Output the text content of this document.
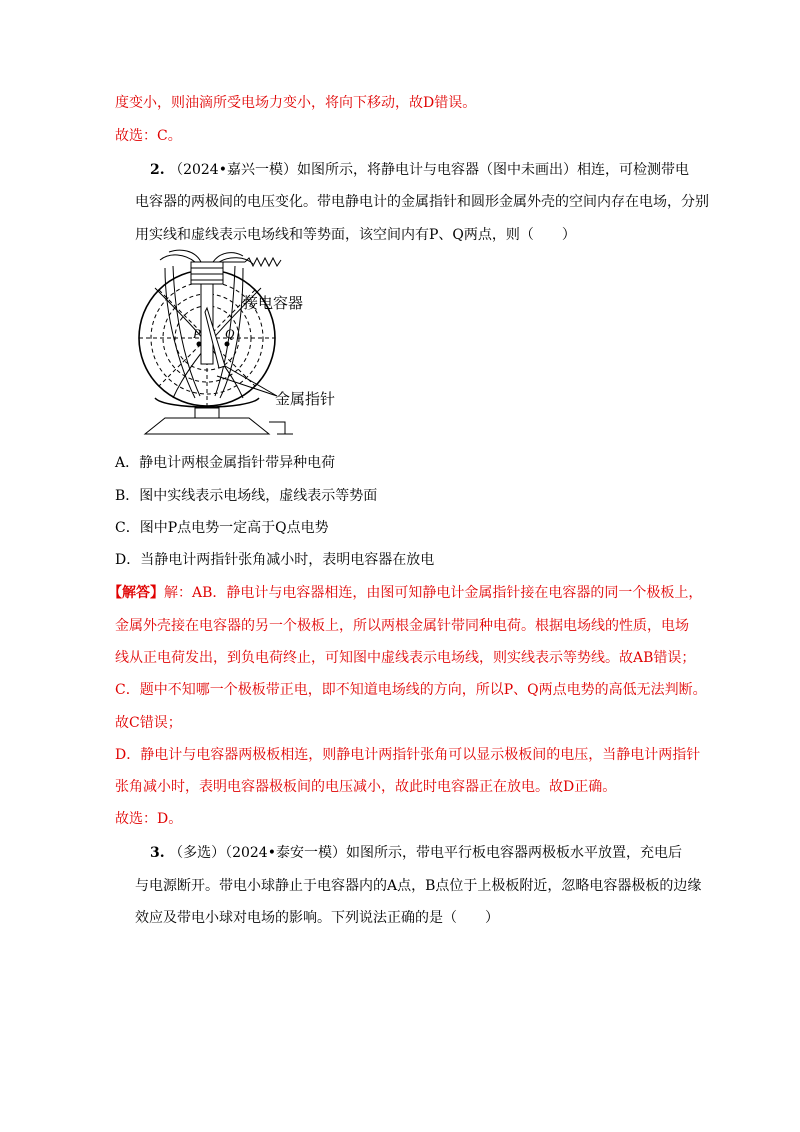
度变小，则油滴所受电场力变小，将向下移动，故D错误。
故选：C。
2. （2024•嘉兴一模）如图所示，将静电计与电容器（图中未画出）相连，可检测带电
电容器的两极间的电压变化。带电静电计的金属指针和圆形金属外壳的空间内存在电场，分别
用实线和虚线表示电场线和等势面，该空间内有P、Q两点，则（　　）
P Q
接电容器
金属指针
A．静电计两根金属指针带异种电荷
B．图中实线表示电场线，虚线表示等势面
C．图中P点电势一定高于Q点电势
D．当静电计两指针张角减小时，表明电容器在放电
【解答】解：AB．静电计与电容器相连，由图可知静电计金属指针接在电容器的同一个极板上，
金属外壳接在电容器的另一个极板上，所以两根金属针带同种电荷。根据电场线的性质，电场
线从正电荷发出，到负电荷终止，可知图中虚线表示电场线，则实线表示等势线。故AB错误；
C．题中不知哪一个极板带正电，即不知道电场线的方向，所以P、Q两点电势的高低无法判断。
故C错误；
D．静电计与电容器两极板相连，则静电计两指针张角可以显示极板间的电压，当静电计两指针
张角减小时，表明电容器极板间的电压减小，故此时电容器正在放电。故D正确。
故选：D。
3. （多选）（2024•泰安一模）如图所示，带电平行板电容器两极板水平放置，充电后
与电源断开。带电小球静止于电容器内的A点，B点位于上极板附近，忽略电容器极板的边缘
效应及带电小球对电场的影响。下列说法正确的是（　　）
